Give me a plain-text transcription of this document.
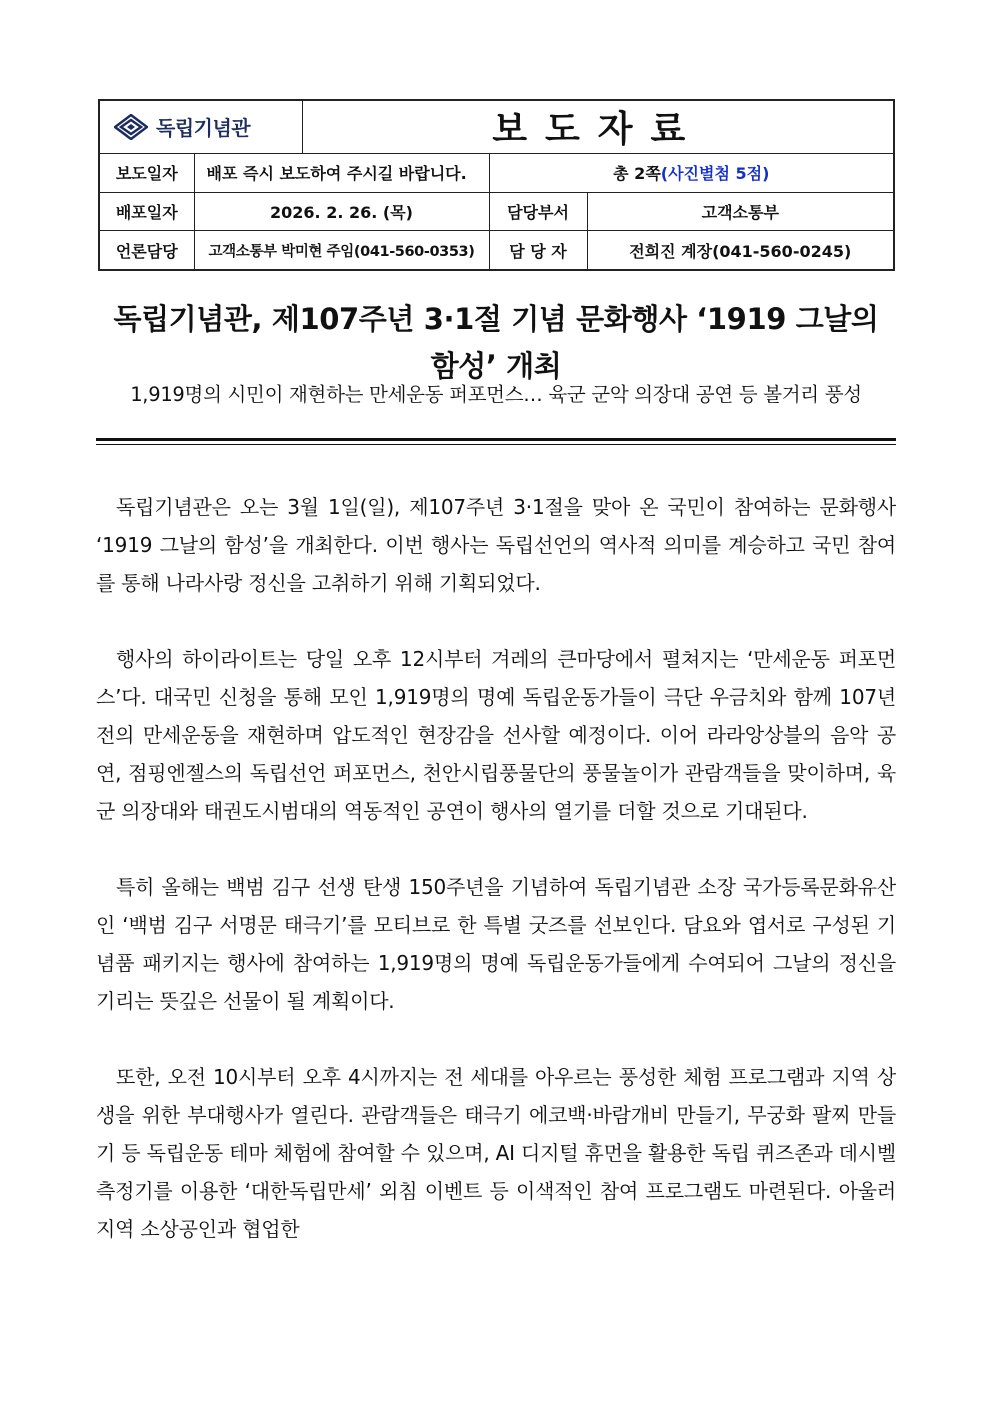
독립기념관		보도자료		
보도일자	배포 즉시 보도하여 주시길 바랍니다.		총 2쪽(사진별첨 5점)	
배포일자	2026. 2. 26. (목)		담당부서	고객소통부
언론담당	고객소통부 박미현 주임(041-560-0353)		담 당 자	전희진 계장(041-560-0245)
독립기념관, 제107주년 3·1절 기념 문화행사 ‘1919 그날의
함성’ 개최
1,919명의 시민이 재현하는 만세운동 퍼포먼스… 육군 군악 의장대 공연 등 볼거리 풍성

독립기념관은 오는 3월 1일(일), 제107주년 3·1절을 맞아 온 국민이 참여하는 문화행사 ‘1919 그날의 함성’을 개최한다. 이번 행사는 독립선언의 역사적 의미를 계승하고 국민 참여를 통해 나라사랑 정신을 고취하기 위해 기획되었다.

행사의 하이라이트는 당일 오후 12시부터 겨레의 큰마당에서 펼쳐지는 ‘만세운동 퍼포먼스’다. 대국민 신청을 통해 모인 1,919명의 명예 독립운동가들이 극단 우금치와 함께 107년 전의 만세운동을 재현하며 압도적인 현장감을 선사할 예정이다. 이어 라라앙상블의 음악 공연, 점핑엔젤스의 독립선언 퍼포먼스, 천안시립풍물단의 풍물놀이가 관람객들을 맞이하며, 육군 의장대와 태권도시범대의 역동적인 공연이 행사의 열기를 더할 것으로 기대된다.

특히 올해는 백범 김구 선생 탄생 150주년을 기념하여 독립기념관 소장 국가등록문화유산인 ‘백범 김구 서명문 태극기’를 모티브로 한 특별 굿즈를 선보인다. 담요와 엽서로 구성된 기념품 패키지는 행사에 참여하는 1,919명의 명예 독립운동가들에게 수여되어 그날의 정신을 기리는 뜻깊은 선물이 될 계획이다.

또한, 오전 10시부터 오후 4시까지는 전 세대를 아우르는 풍성한 체험 프로그램과 지역 상생을 위한 부대행사가 열린다. 관람객들은 태극기 에코백·바람개비 만들기, 무궁화 팔찌 만들기 등 독립운동 테마 체험에 참여할 수 있으며, AI 디지털 휴먼을 활용한 독립 퀴즈존과 데시벨 측정기를 이용한 ‘대한독립만세’ 외침 이벤트 등 이색적인 참여 프로그램도 마련된다. 아울러 지역 소상공인과 협업한
